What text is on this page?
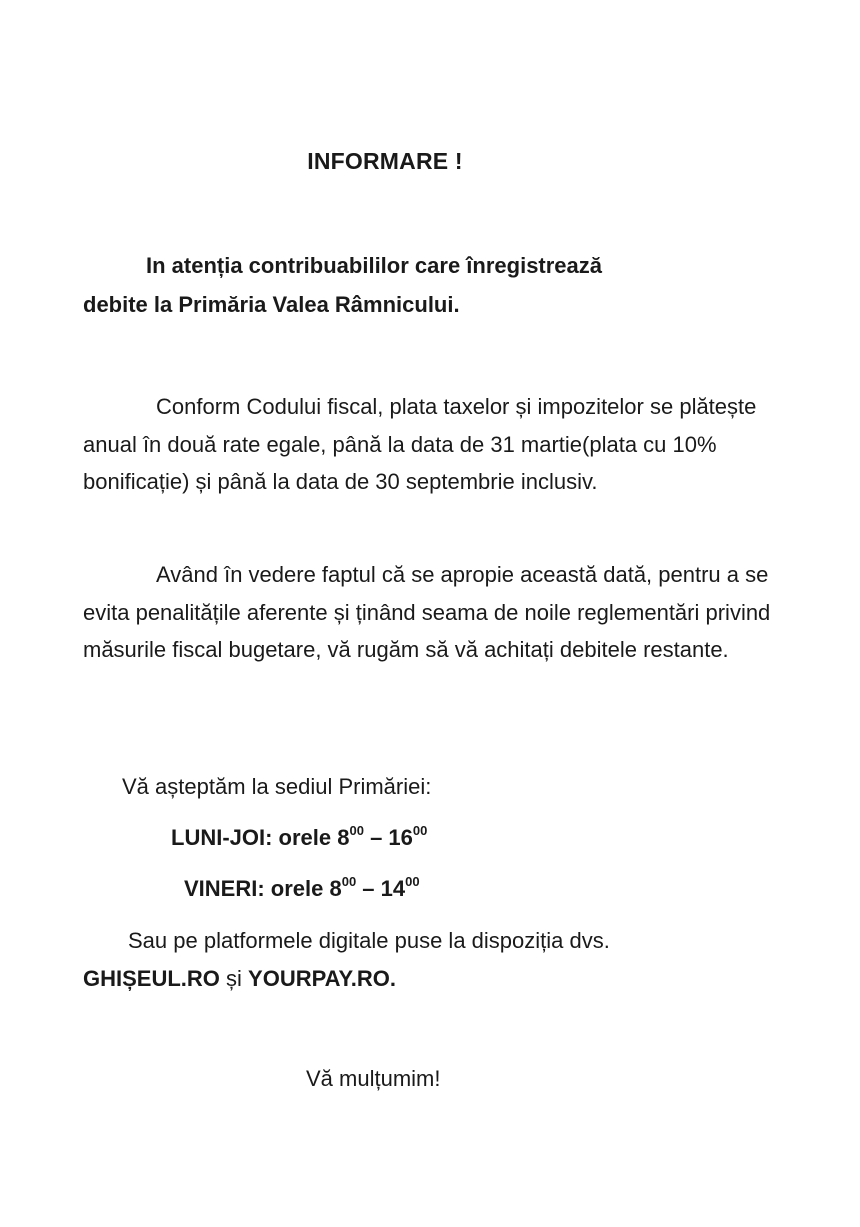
INFORMARE !
In atenția contribuabililor care înregistrează
debite la Primăria Valea Râmnicului.

Conform Codului fiscal, plata taxelor și impozitelor se plătește anual în două rate egale, până la data de 31 martie(plata cu 10% bonificație) și până la data de 30 septembrie inclusiv.

Având în vedere faptul că se apropie această dată, pentru a se evita penalitățile aferente și ținând seama de noile reglementări privind măsurile fiscal bugetare, vă rugăm să vă achitați debitele restante.

Vă așteptăm la sediul Primăriei:
LUNI-JOI: orele $8^{00} - 16^{00}$
VINERI: orele $8^{00} - 14^{00}$
Sau pe platformele digitale puse la dispoziția dvs.
GHIȘEUL.RO și YOURPAY.RO.
Vă mulțumim!
